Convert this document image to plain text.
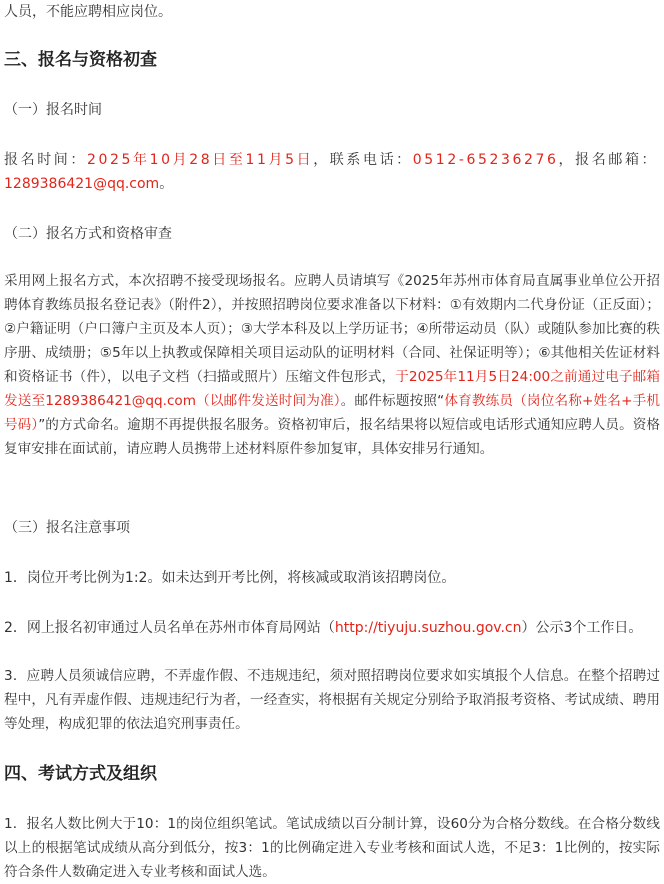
人员，不能应聘相应岗位。

三、报名与资格初查

（一）报名时间

报名时间：2025年10月28日至11月5日，联系电话：0512-65236276，报名邮箱：

1289386421@qq.com。

（二）报名方式和资格审查

采用网上报名方式，本次招聘不接受现场报名。应聘人员请填写《2025年苏州市体育局直属事业单位公开招聘体育教练员报名登记表》（附件2），并按照招聘岗位要求准备以下材料：①有效期内二代身份证（正反面）；②户籍证明（户口簿户主页及本人页）；③大学本科及以上学历证书；④所带运动员（队）或随队参加比赛的秩序册、成绩册；⑤5年以上执教或保障相关项目运动队的证明材料（合同、社保证明等）；⑥其他相关佐证材料和资格证书（件），以电子文档（扫描或照片）压缩文件包形式，于2025年11月5日24:00之前通过电子邮箱发送至1289386421@qq.com（以邮件发送时间为准）。邮件标题按照“体育教练员（岗位名称+姓名+手机号码）”的方式命名。逾期不再提供报名服务。资格初审后，报名结果将以短信或电话形式通知应聘人员。资格复审安排在面试前，请应聘人员携带上述材料原件参加复审，具体安排另行通知。

（三）报名注意事项

1．岗位开考比例为1:2。如未达到开考比例，将核减或取消该招聘岗位。

2．网上报名初审通过人员名单在苏州市体育局网站（http://tiyuju.suzhou.gov.cn）公示3个工作日。

3．应聘人员须诚信应聘，不弄虚作假、不违规违纪，须对照招聘岗位要求如实填报个人信息。在整个招聘过程中，凡有弄虚作假、违规违纪行为者，一经查实，将根据有关规定分别给予取消报考资格、考试成绩、聘用等处理，构成犯罪的依法追究刑事责任。

四、考试方式及组织

1．报名人数比例大于10：1的岗位组织笔试。笔试成绩以百分制计算，设60分为合格分数线。在合格分数线以上的根据笔试成绩从高分到低分，按3：1的比例确定进入专业考核和面试人选，不足3：1比例的，按实际符合条件人数确定进入专业考核和面试人选。
